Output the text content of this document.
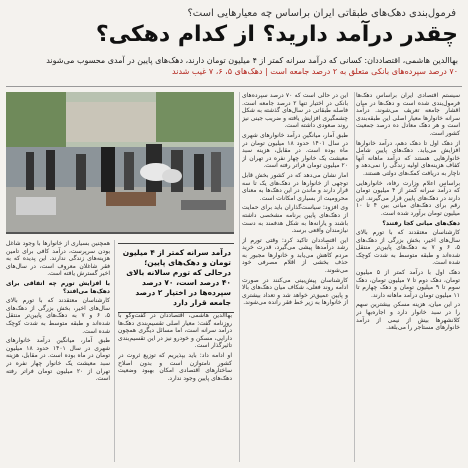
فرمول‌بندی دهک‌های طبقاتی ایران براساس چه معیارهایی است؟
چقدر درآمد دارید؟ از کدام دهکی؟
بها‌الدین هاشمی، اقتصاددان: کسانی که درآمد سرانه کمتر از ۴ میلیون تومان دارند، دهک‌های پایین در آمدی محسوب می‌شوند
۷۰ درصد سپرده‌های بانکی متعلق به ۲ درصد جامعه است | دهک‌های ۵، ۶، ۷ غیب شدند
درآمد سرانه کمتر از ۴ میلیون تومان و دهک‌های پایین؛ درحالی که تورم سالانه بالای ۴۰ درصد است، ۷۰ درصد سپرده‌ها در اختیار ۲ درصد جامعه قرار دارد

سیستم اقتصادی ایران براساس دهک‌ها فرمول‌بندی شده است و دهک‌ها در میان اقشار جامعه تعریف می‌شوند. درآمد سرانه خانوارها معیار اصلی این طبقه‌بندی است و هر دهک معادل ده درصد جمعیت کشور است.

از دهک اول تا دهک دهم، درآمد خانوارها افزایش می‌یابد. دهک‌های پایین شامل خانوارهایی هستند که درآمد ماهانه آنها کفاف هزینه‌های اولیه زندگی را نمی‌دهد و ناچار به دریافت کمک‌های دولتی هستند.

براساس اعلام وزارت رفاه، خانوارهایی که درآمد سرانه کمتر از ۴ میلیون تومان دارند در دهک‌های پایین قرار می‌گیرند. این رقم برای دهک‌های میانی بین ۴ تا ۱۰ میلیون تومان برآورد شده است.

دهک‌های میانی کجا رفتند؟

کارشناسان معتقدند که با تورم بالای سال‌های اخیر، بخش بزرگی از دهک‌های ۵، ۶ و ۷ به دهک‌های پایین‌تر منتقل شده‌اند و طبقه متوسط به شدت کوچک شده است.

دهک اول با درآمد کمتر از ۵ میلیون تومان، دهک دوم تا ۷ میلیون تومان، دهک سوم تا ۹ میلیون تومان و دهک چهارم تا ۱۱ میلیون تومان درآمد ماهانه دارند.

در این میان، هزینه مسکن بیشترین سهم را در سبد خانوار دارد و اجاره‌بها در کلانشهرها بیش از نیمی از درآمد خانوارهای مستاجر را می‌بلعد.

این در حالی است که ۷۰ درصد سپرده‌های بانکی در اختیار تنها ۲ درصد جامعه است. فاصله طبقاتی در سال‌های گذشته به شکل چشمگیری افزایش یافته و ضریب جینی نیز روند صعودی داشته است.

طبق آمار، میانگین درآمد خانوارهای شهری در سال ۱۴۰۱ حدود ۱۸ میلیون تومان در ماه بوده است. در مقابل، هزینه سبد معیشت یک خانوار چهار نفره در تهران از ۲۰ میلیون تومان فراتر رفته است.

امار نشان می‌دهد که در کشور بخش قابل توجهی از خانوارها در دهک‌های یک تا سه قرار دارند و ماندن در این دهک‌ها به معنای محرومیت از بسیاری امکانات است.

وی افزود: سیاست‌گذاران باید برای حمایت از دهک‌های پایین برنامه مشخصی داشته باشند و یارانه‌ها به شکل هدفمند به دست نیازمندان واقعی برسد.

این اقتصاددان تاکید کرد: وقتی تورم از رشد درآمدها پیشی می‌گیرد، قدرت خرید مردم کاهش می‌یابد و خانوارها مجبور به حذف بخشی از اقلام مصرفی خود می‌شوند.

کارشناسان پیش‌بینی می‌کنند در صورت ادامه روند فعلی، شکاف میان دهک‌های بالا و پایین عمیق‌تر خواهد شد و تعداد بیشتری از خانوارها به زیر خط فقر رانده می‌شوند.

بها‌الدین هاشمی، اقتصاددان در گفت‌وگو با روزنامه گفت: معیار اصلی تقسیم‌بندی دهک‌ها درآمد سرانه است، اما مسائل دیگری همچون دارایی، مسکن و خودرو نیز در این تقسیم‌بندی تاثیرگذار است.

او ادامه داد: باید بپذیریم که توزیع ثروت در کشور نامتوازن است و بدون اصلاح ساختارهای اقتصادی امکان بهبود وضعیت دهک‌های پایین وجود ندارد.

همچنین بسیاری از خانوارها با وجود شاغل بودن سرپرست، درآمد کافی برای تامین هزینه‌های زندگی ندارند. این پدیده که به فقر شاغلان معروف است، در سال‌های اخیر گسترش یافته است.

با افزایش تورم چه اتفاقی برای دهک‌ها می‌افتد؟

کارشناسان معتقدند که با تورم بالای سال‌های اخیر، بخش بزرگی از دهک‌های ۵، ۶ و ۷ به دهک‌های پایین‌تر منتقل شده‌اند و طبقه متوسط به شدت کوچک شده است.

طبق آمار، میانگین درآمد خانوارهای شهری در سال ۱۴۰۱ حدود ۱۸ میلیون تومان در ماه بوده است. در مقابل، هزینه سبد معیشت یک خانوار چهار نفره در تهران از ۲۰ میلیون تومان فراتر رفته است.
